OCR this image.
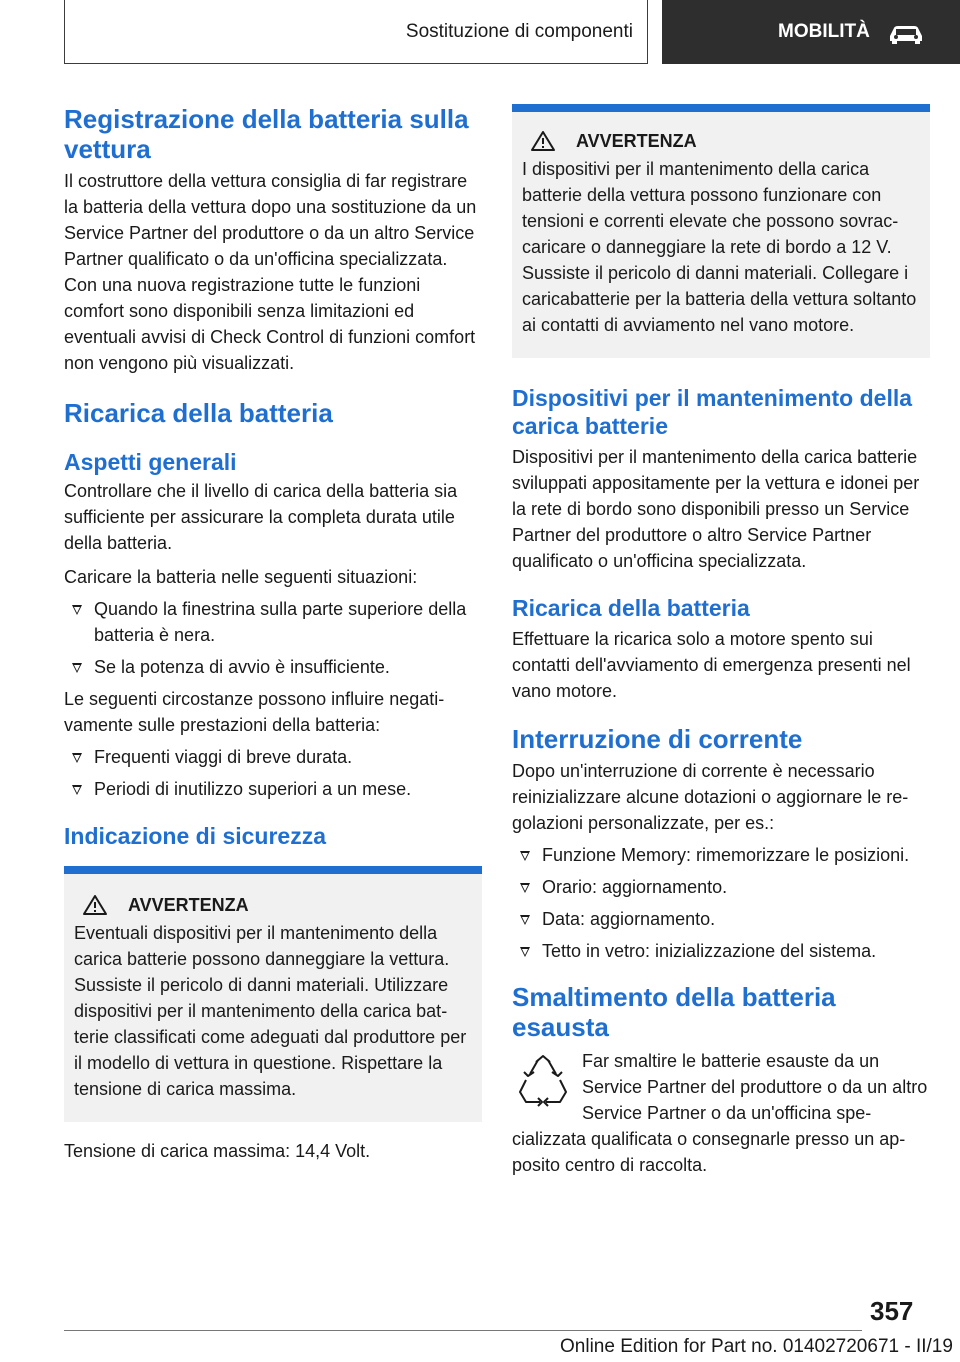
Sostituzione di componenti	MOBILITÀ
Registrazione della batteria sulla vettura

Il costruttore della vettura consiglia di far registrare la batteria della vettura dopo una sostituzione da un Service Partner del produttore o da un altro Service Partner qualificato o da un'officina specializzata. Con una nuova registrazione tutte le funzioni comfort sono disponibili senza limitazioni ed eventuali avvisi di Check Control di funzioni comfort non vengono più visualizzati.

Ricarica della batteria
Aspetti generali

Controllare che il livello di carica della batteria sia sufficiente per assicurare la completa durata utile della batteria.

Caricare la batteria nelle seguenti situazioni:

Quando la finestrina sulla parte superiore della batteria è nera.
Se la potenza di avvio è insufficiente.

Le seguenti circostanze possono influire negativamente sulle prestazioni della batteria:

Frequenti viaggi di breve durata.
Periodi di inutilizzo superiori a un mese.
Indicazione di sicurezza
AVVERTENZA

Eventuali dispositivi per il mantenimento della carica batterie possono danneggiare la vettura. Sussiste il pericolo di danni materiali. Utilizzare dispositivi per il mantenimento della carica batterie classificati come adeguati dal produttore per il modello di vettura in questione. Rispettare la tensione di carica massima.

Tensione di carica massima: 14,4 Volt.

AVVERTENZA

I dispositivi per il mantenimento della carica batterie della vettura possono funzionare con tensioni e correnti elevate che possono sovraccaricare o danneggiare la rete di bordo a 12 V. Sussiste il pericolo di danni materiali. Collegare i caricabatterie per la batteria della vettura soltanto ai contatti di avviamento nel vano motore.

Dispositivi per il mantenimento della carica batterie

Dispositivi per il mantenimento della carica batterie sviluppati appositamente per la vettura e idonei per la rete di bordo sono disponibili presso un Service Partner del produttore o altro Service Partner qualificato o un'officina specializzata.

Ricarica della batteria

Effettuare la ricarica solo a motore spento sui contatti dell'avviamento di emergenza presenti nel vano motore.

Interruzione di corrente

Dopo un'interruzione di corrente è necessario reinizializzare alcune dotazioni o aggiornare le regolazioni personalizzate, per es.:

Funzione Memory: rimemorizzare le posizioni.
Orario: aggiornamento.
Data: aggiornamento.
Tetto in vetro: inizializzazione del sistema.
Smaltimento della batteria esausta

Far smaltire le batterie esauste da un Service Partner del produttore o da un altro Service Partner o da un'officina specializzata qualificata o consegnarle presso un apposito centro di raccolta.

357
Online Edition for Part no. 01402720671 - II/19
